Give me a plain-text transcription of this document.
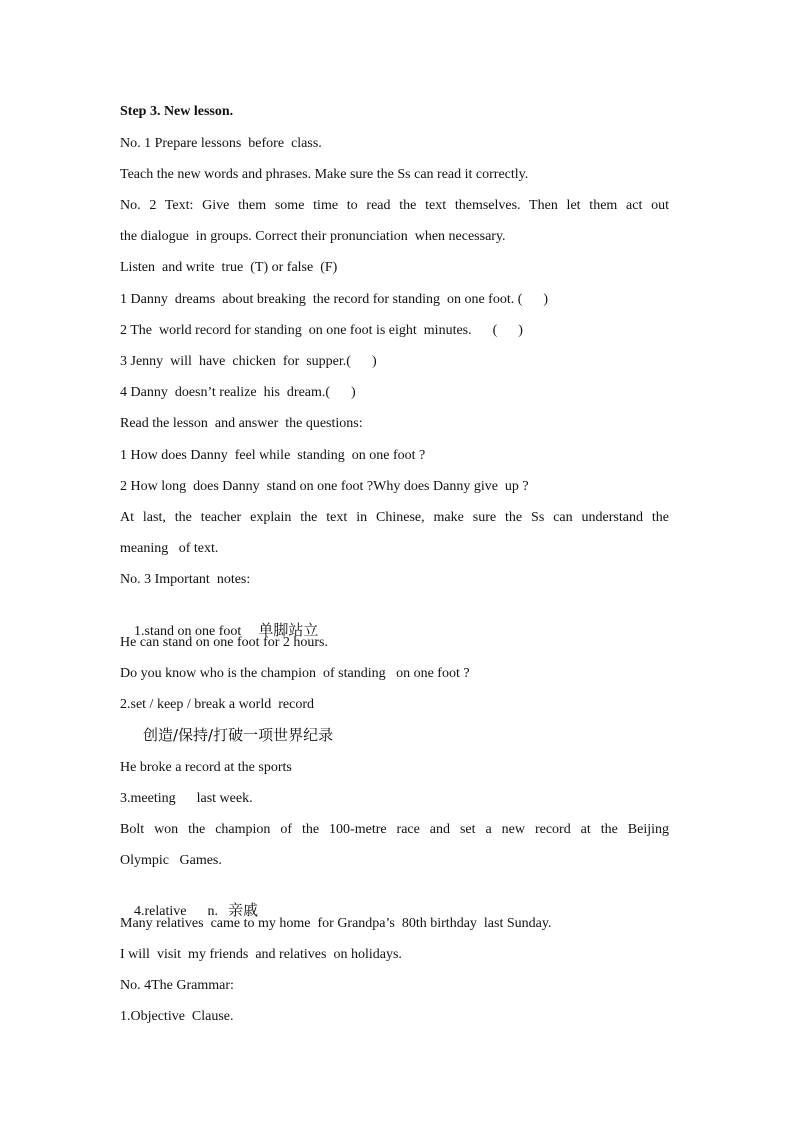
Step 3. New lesson.
No. 1 Prepare lessons  before  class.
Teach the new words and phrases. Make sure the Ss can read it correctly.
No. 2 Text: Give them some time to read the text themselves. Then let them act out
the dialogue  in groups. Correct their pronunciation  when necessary.
Listen  and write  true  (T) or false  (F)
1 Danny  dreams  about breaking  the record for standing  on one foot. (      )
2 The  world record for standing  on one foot is eight  minutes.      (      )
3 Jenny  will  have  chicken  for  supper.(      )
4 Danny  doesn’t realize  his  dream.(      )
Read the lesson  and answer  the questions:
1 How does Danny  feel while  standing  on one foot ?
2 How long  does Danny  stand on one foot ?Why does Danny give  up ?
At last, the teacher explain the text in Chinese, make sure the Ss can understand the
meaning   of text.
No. 3 Important  notes:

1.stand on one foot 单脚站立

He can stand on one foot for 2 hours.
Do you know who is the champion  of standing   on one foot ?
2.set / keep / break a world  record
创造/保持/打破一项世界纪录
He broke a record at the sports
3.meeting      last week.
Bolt won the champion of the 100-metre race and set a new record at the Beijing
Olympic   Games.

4.relative      n. 亲戚

Many relatives  came to my home  for Grandpa’s  80th birthday  last Sunday.
I will  visit  my friends  and relatives  on holidays.
No. 4The Grammar:
1.Objective  Clause.
